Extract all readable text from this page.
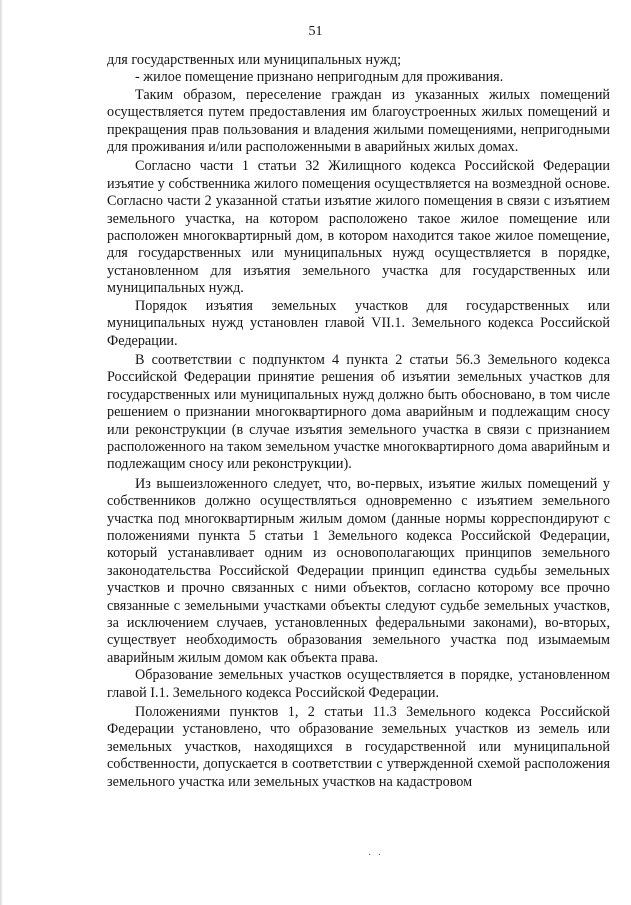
51

для государственных или муниципальных нужд;

- жилое помещение признано непригодным для проживания.

Таким образом, переселение граждан из указанных жилых помещений осуществляется путем предоставления им благоустроенных жилых помещений и прекращения прав пользования и владения жилыми помещениями, непригодными для проживания и/или расположенными в аварийных жилых домах.

Согласно части 1 статьи 32 Жилищного кодекса Российской Федерации изъятие у собственника жилого помещения осуществляется на возмездной основе. Согласно части 2 указанной статьи изъятие жилого помещения в связи с изъятием земельного участка, на котором расположено такое жилое помещение или расположен многоквартирный дом, в котором находится такое жилое помещение, для государственных или муниципальных нужд осуществляется в порядке, установленном для изъятия земельного участка для государственных или муниципальных нужд.

Порядок изъятия земельных участков для государственных или муниципальных нужд установлен главой VII.1. Земельного кодекса Российской Федерации.

В соответствии с подпунктом 4 пункта 2 статьи 56.3 Земельного кодекса Российской Федерации принятие решения об изъятии земельных участков для государственных или муниципальных нужд должно быть обосновано, в том числе решением о признании многоквартирного дома аварийным и подлежащим сносу или реконструкции (в случае изъятия земельного участка в связи с признанием расположенного на таком земельном участке многоквартирного дома аварийным и подлежащим сносу или реконструкции).

Из вышеизложенного следует, что, во-первых, изъятие жилых помещений у собственников должно осуществляться одновременно с изъятием земельного участка под многоквартирным жилым домом (данные нормы корреспондируют с положениями пункта 5 статьи 1 Земельного кодекса Российской Федерации, который устанавливает одним из основополагающих принципов земельного законодательства Российской Федерации принцип единства судьбы земельных участков и прочно связанных с ними объектов, согласно которому все прочно связанные с земельными участками объекты следуют судьбе земельных участков, за исключением случаев, установленных федеральными законами), во-вторых, существует необходимость образования земельного участка под изымаемым аварийным жилым домом как объекта права.

Образование земельных участков осуществляется в порядке, установленном главой I.1. Земельного кодекса Российской Федерации.

Положениями пунктов 1, 2 статьи 11.3 Земельного кодекса Российской Федерации установлено, что образование земельных участков из земель или земельных участков, находящихся в государственной или муниципальной собственности, допускается в соответствии с утвержденной схемой расположения земельного участка или земельных участков на кадастровом

· ·
